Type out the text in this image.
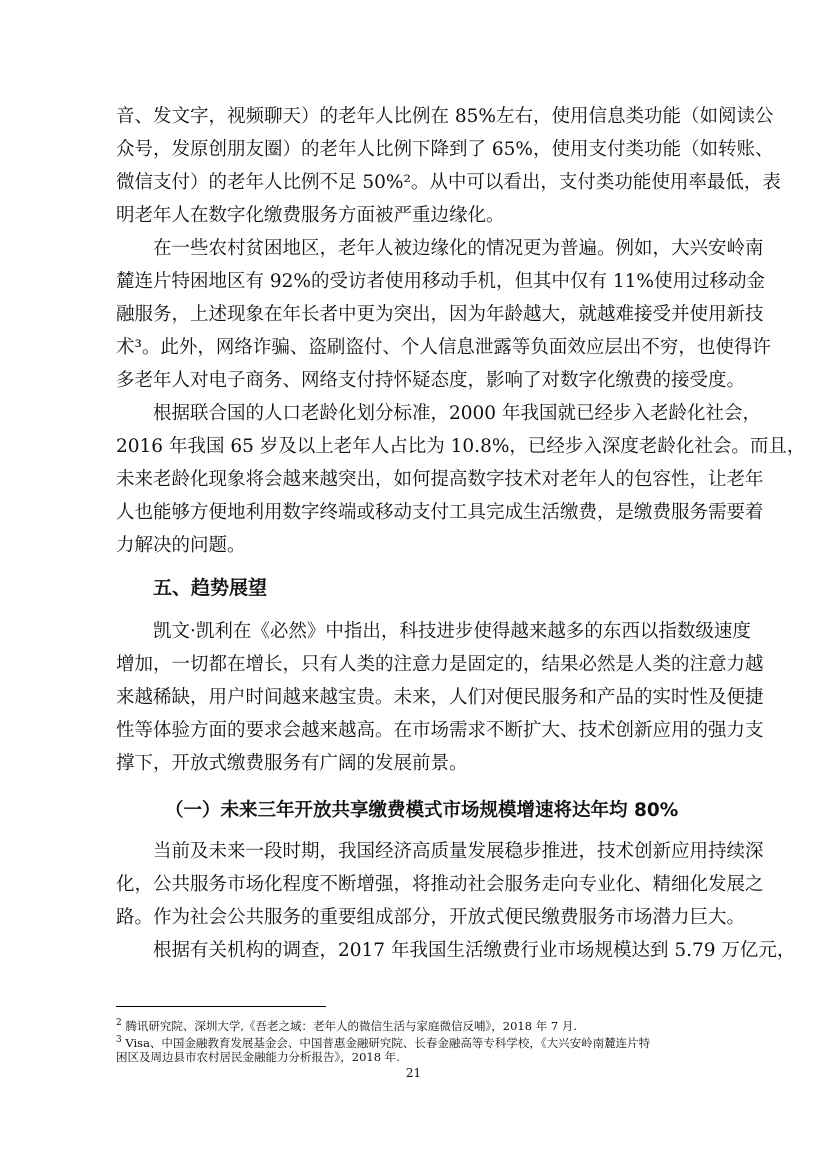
音、发文字，视频聊天）的老年人比例在 85%左右，使用信息类功能（如阅读公
众号，发原创朋友圈）的老年人比例下降到了 65%，使用支付类功能（如转账、
微信支付）的老年人比例不足 50%²。从中可以看出，支付类功能使用率最低，表
明老年人在数字化缴费服务方面被严重边缘化。
在一些农村贫困地区，老年人被边缘化的情况更为普遍。例如，大兴安岭南
麓连片特困地区有 92%的受访者使用移动手机，但其中仅有 11%使用过移动金
融服务，上述现象在年长者中更为突出，因为年龄越大，就越难接受并使用新技
术³。此外，网络诈骗、盗刷盗付、个人信息泄露等负面效应层出不穷，也使得许
多老年人对电子商务、网络支付持怀疑态度，影响了对数字化缴费的接受度。
根据联合国的人口老龄化划分标准，2000 年我国就已经步入老龄化社会，
2016 年我国 65 岁及以上老年人占比为 10.8%，已经步入深度老龄化社会。而且，
未来老龄化现象将会越来越突出，如何提高数字技术对老年人的包容性，让老年
人也能够方便地利用数字终端或移动支付工具完成生活缴费，是缴费服务需要着
力解决的问题。
凯文·凯利在《必然》中指出，科技进步使得越来越多的东西以指数级速度
增加，一切都在增长，只有人类的注意力是固定的，结果必然是人类的注意力越
来越稀缺，用户时间越来越宝贵。未来，人们对便民服务和产品的实时性及便捷
性等体验方面的要求会越来越高。在市场需求不断扩大、技术创新应用的强力支
撑下，开放式缴费服务有广阔的发展前景。
当前及未来一段时期，我国经济高质量发展稳步推进，技术创新应用持续深
化，公共服务市场化程度不断增强，将推动社会服务走向专业化、精细化发展之
路。作为社会公共服务的重要组成部分，开放式便民缴费服务市场潜力巨大。
根据有关机构的调查，2017 年我国生活缴费行业市场规模达到 5.79 万亿元，
五、趋势展望
（一）未来三年开放共享缴费模式市场规模增速将达年均 80%
$^2$ 腾讯研究院、深圳大学,《吾老之域：老年人的微信生活与家庭微信反哺》，2018 年 7 月.
$^3$ Visa、中国金融教育发展基金会、中国普惠金融研究院、长春金融高等专科学校，《大兴安岭南麓连片特
困区及周边县市农村居民金融能力分析报告》，2018 年.
21
